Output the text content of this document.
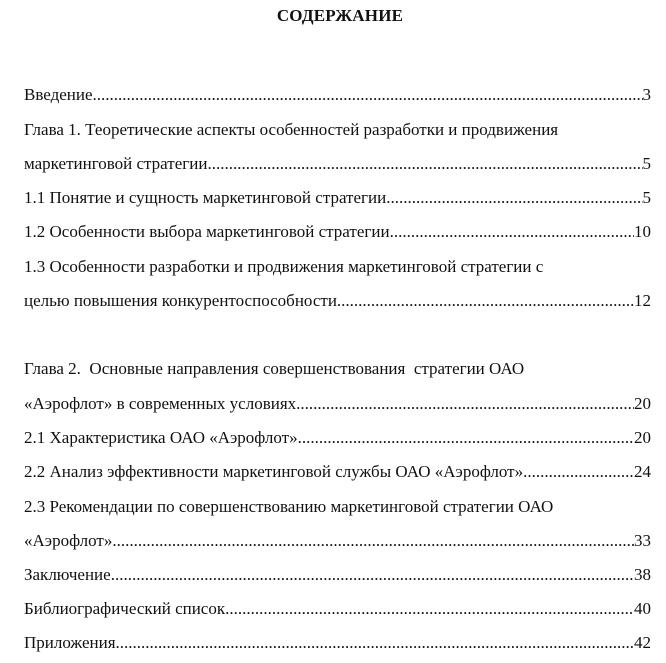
СОДЕРЖАНИЕ
Введение .....	3
Глава 1. Теоретические аспекты особенностей разработки и продвижения
маркетинговой стратегии .....	5
1.1 Понятие и сущность маркетинговой стратегии .....	5
1.2 Особенности выбора маркетинговой стратегии .....	10
1.3 Особенности разработки и продвижения маркетинговой стратегии с
целью повышения конкурентоспособности .....	12
Глава 2.  Основные направления совершенствования  стратегии ОАО
«Аэрофлот» в современных условиях .....	20
2.1 Характеристика ОАО «Аэрофлот» .....	20
2.2 Анализ эффективности маркетинговой службы ОАО «Аэрофлот» .....	24
2.3 Рекомендации по совершенствованию маркетинговой стратегии ОАО
«Аэрофлот» .....	33
Заключение .....	38
Библиографический список .....	40
Приложения .....	42
